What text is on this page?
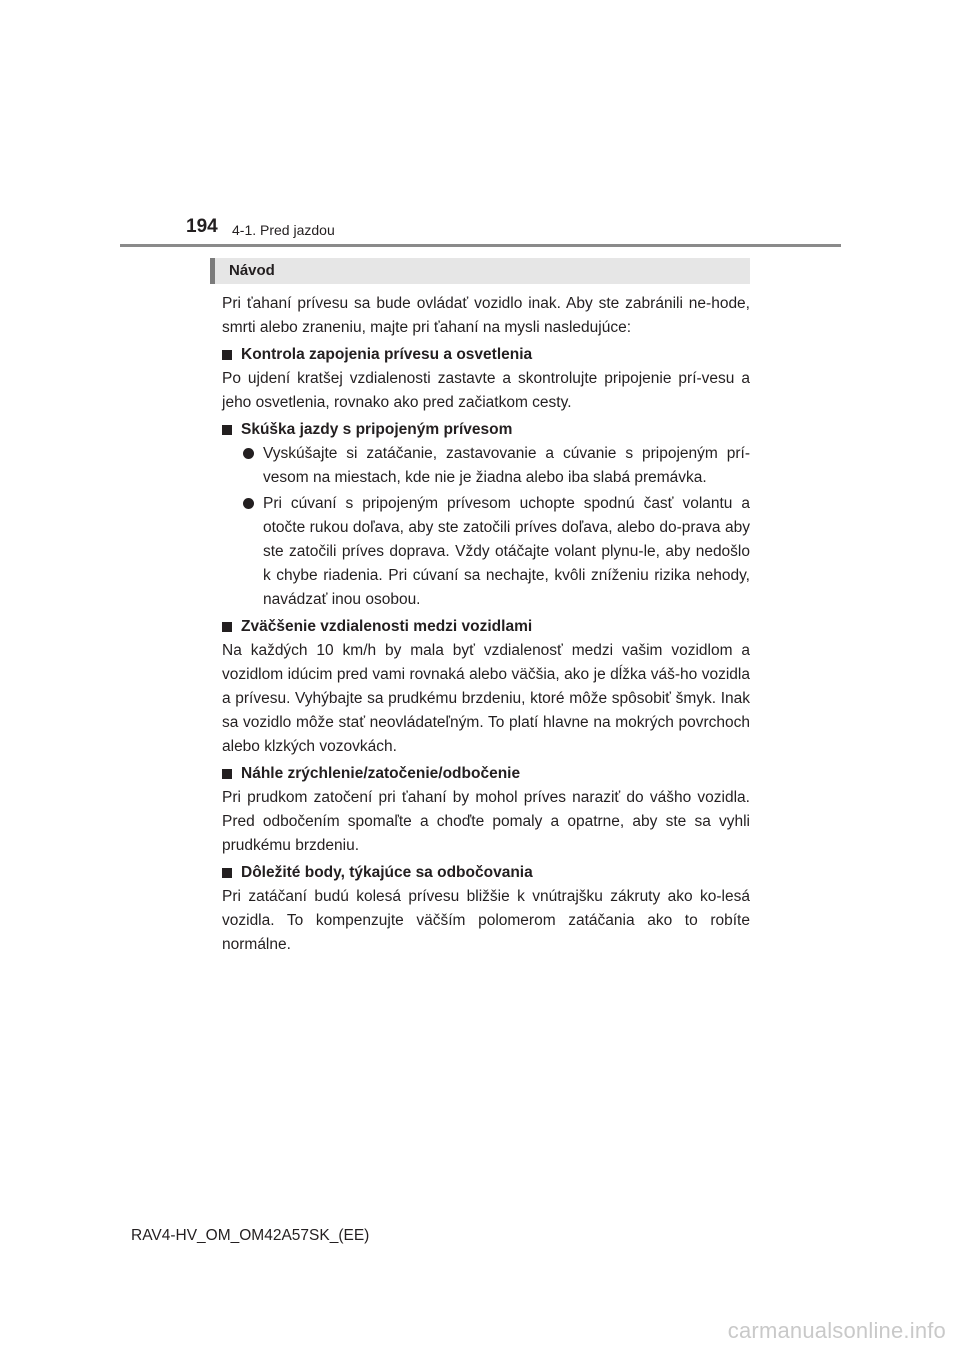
194 4-1. Pred jazdou
Návod

Pri ťahaní prívesu sa bude ovládať vozidlo inak. Aby ste zabránili ne-hode, smrti alebo zraneniu, majte pri ťahaní na mysli nasledujúce:

Kontrola zapojenia prívesu a osvetlenia

Po ujdení kratšej vzdialenosti zastavte a skontrolujte pripojenie prí-vesu a jeho osvetlenia, rovnako ako pred začiatkom cesty.

Skúška jazdy s pripojeným prívesom
Vyskúšajte si zatáčanie, zastavovanie a cúvanie s pripojeným prí-vesom na miestach, kde nie je žiadna alebo iba slabá premávka.
Pri cúvaní s pripojeným prívesom uchopte spodnú časť volantu a otočte rukou doľava, aby ste zatočili príves doľava, alebo do-prava aby ste zatočili príves doprava. Vždy otáčajte volant plynu-le, aby nedošlo k chybe riadenia. Pri cúvaní sa nechajte, kvôli zníženiu rizika nehody, navádzať inou osobou.
Zväčšenie vzdialenosti medzi vozidlami

Na každých 10 km/h by mala byť vzdialenosť medzi vašim vozidlom a vozidlom idúcim pred vami rovnaká alebo väčšia, ako je dĺžka váš-ho vozidla a prívesu. Vyhýbajte sa prudkému brzdeniu, ktoré môže spôsobiť šmyk. Inak sa vozidlo môže stať neovládateľným. To platí hlavne na mokrých povrchoch alebo klzkých vozovkách.

Náhle zrýchlenie/zatočenie/odbočenie

Pri prudkom zatočení pri ťahaní by mohol príves naraziť do vášho vozidla. Pred odbočením spomaľte a choďte pomaly a opatrne, aby ste sa vyhli prudkému brzdeniu.

Dôležité body, týkajúce sa odbočovania

Pri zatáčaní budú kolesá prívesu bližšie k vnútrajšku zákruty ako ko-lesá vozidla. To kompenzujte väčším polomerom zatáčania ako to robíte normálne.

RAV4-HV_OM_OM42A57SK_(EE)
carmanualsonline.info
